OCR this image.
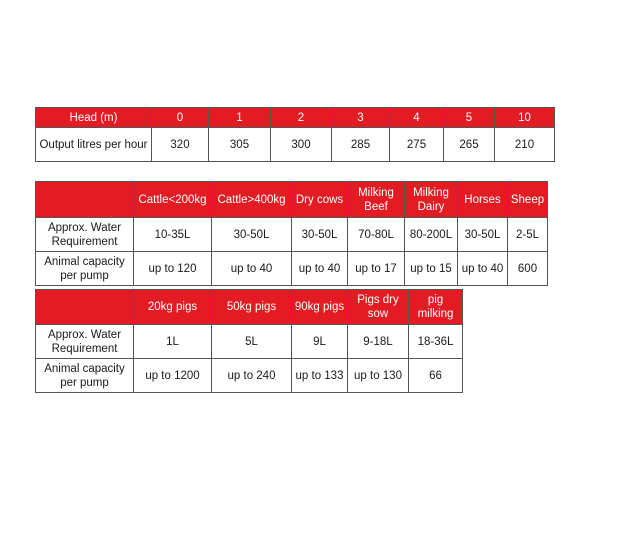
Head (m)	0	1	2	3	4	5	10
Output litres per hour	320	305	300	285	275	265	210
	Cattle<200kg	Cattle>400kg	Dry cows	Milking Beef	Milking Dairy	Horses	Sheep
Approx. Water Requirement	10-35L	30-50L	30-50L	70-80L	80-200L	30-50L	2-5L
Animal capacity per pump	up to 120	up to 40	up to 40	up to 17	up to 15	up to 40	600
	20kg pigs	50kg pigs	90kg pigs	Pigs dry sow	pig milking
Approx. Water Requirement	1L	5L	9L	9-18L	18-36L
Animal capacity per pump	up to 1200	up to 240	up to 133	up to 130	66
